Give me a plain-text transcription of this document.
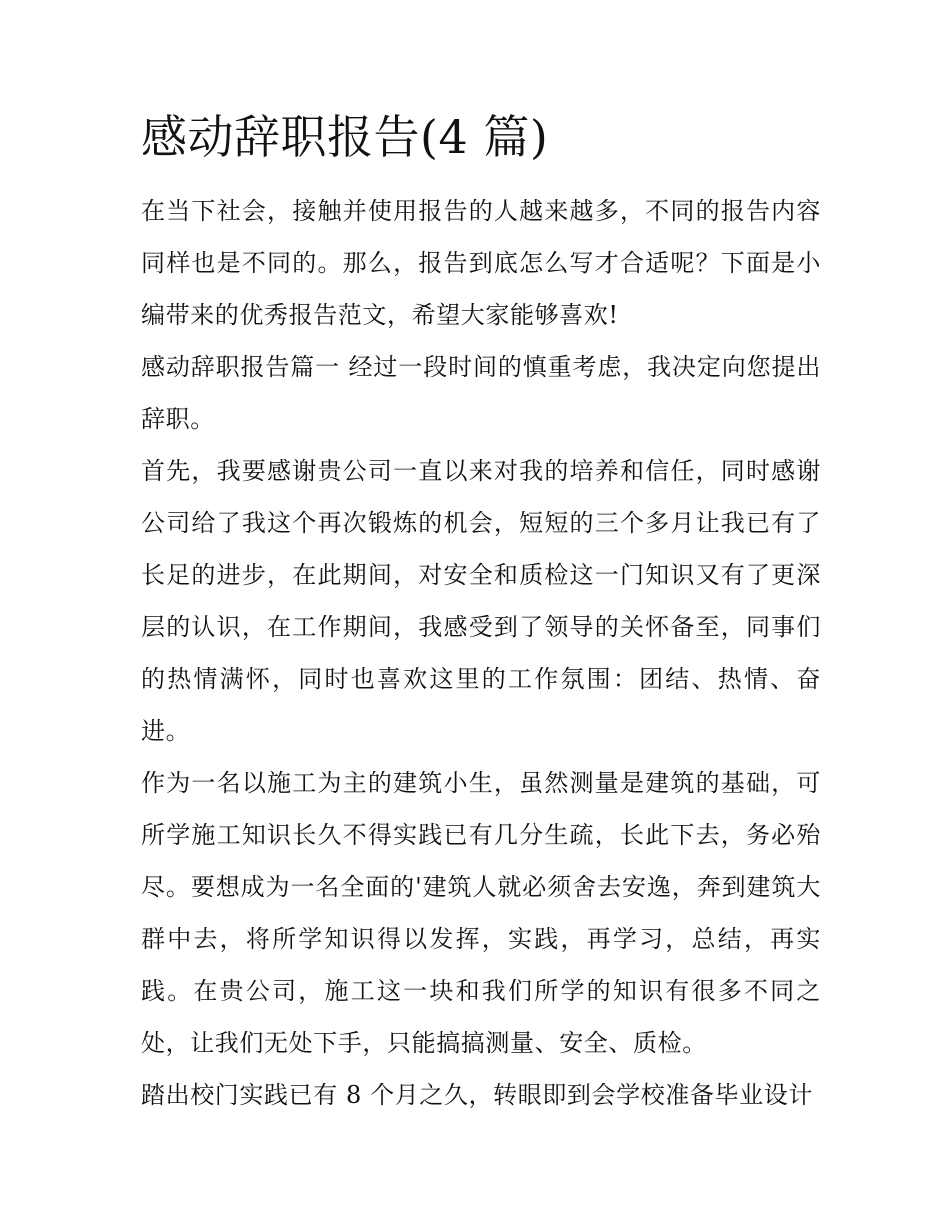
感动辞职报告(4 篇)

在当下社会，接触并使用报告的人越来越多，不同的报告内容同样也是不同的。那么，报告到底怎么写才合适呢？下面是小编带来的优秀报告范文，希望大家能够喜欢!

感动辞职报告篇一 经过一段时间的慎重考虑，我决定向您提出辞职。

首先，我要感谢贵公司一直以来对我的培养和信任，同时感谢公司给了我这个再次锻炼的机会，短短的三个多月让我已有了长足的进步，在此期间，对安全和质检这一门知识又有了更深层的认识，在工作期间，我感受到了领导的关怀备至，同事们的热情满怀，同时也喜欢这里的工作氛围：团结、热情、奋进。

作为一名以施工为主的建筑小生，虽然测量是建筑的基础，可所学施工知识长久不得实践已有几分生疏，长此下去，务必殆尽。要想成为一名全面的'建筑人就必须舍去安逸，奔到建筑大群中去，将所学知识得以发挥，实践，再学习，总结，再实践。在贵公司，施工这一块和我们所学的知识有很多不同之处，让我们无处下手，只能搞搞测量、安全、质检。

踏出校门实践已有 8 个月之久，转眼即到会学校准备毕业设计
